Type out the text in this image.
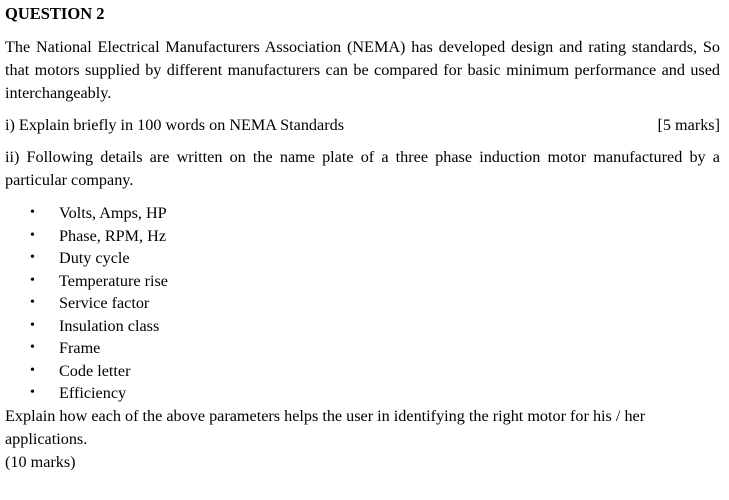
QUESTION 2

The National Electrical Manufacturers Association (NEMA) has developed design and rating standards, So that motors supplied by different manufacturers can be compared for basic minimum performance and used interchangeably.

i) Explain briefly in 100 words on NEMA Standards	[5 marks]

ii) Following details are written on the name plate of a three phase induction motor manufactured by a particular company.

• Volts, Amps, HP
• Phase, RPM, Hz
• Duty cycle
• Temperature rise
• Service factor
• Insulation class
• Frame
• Code letter
• Efficiency

Explain how each of the above parameters helps the user in identifying the right motor for his / her applications.

(10 marks)
